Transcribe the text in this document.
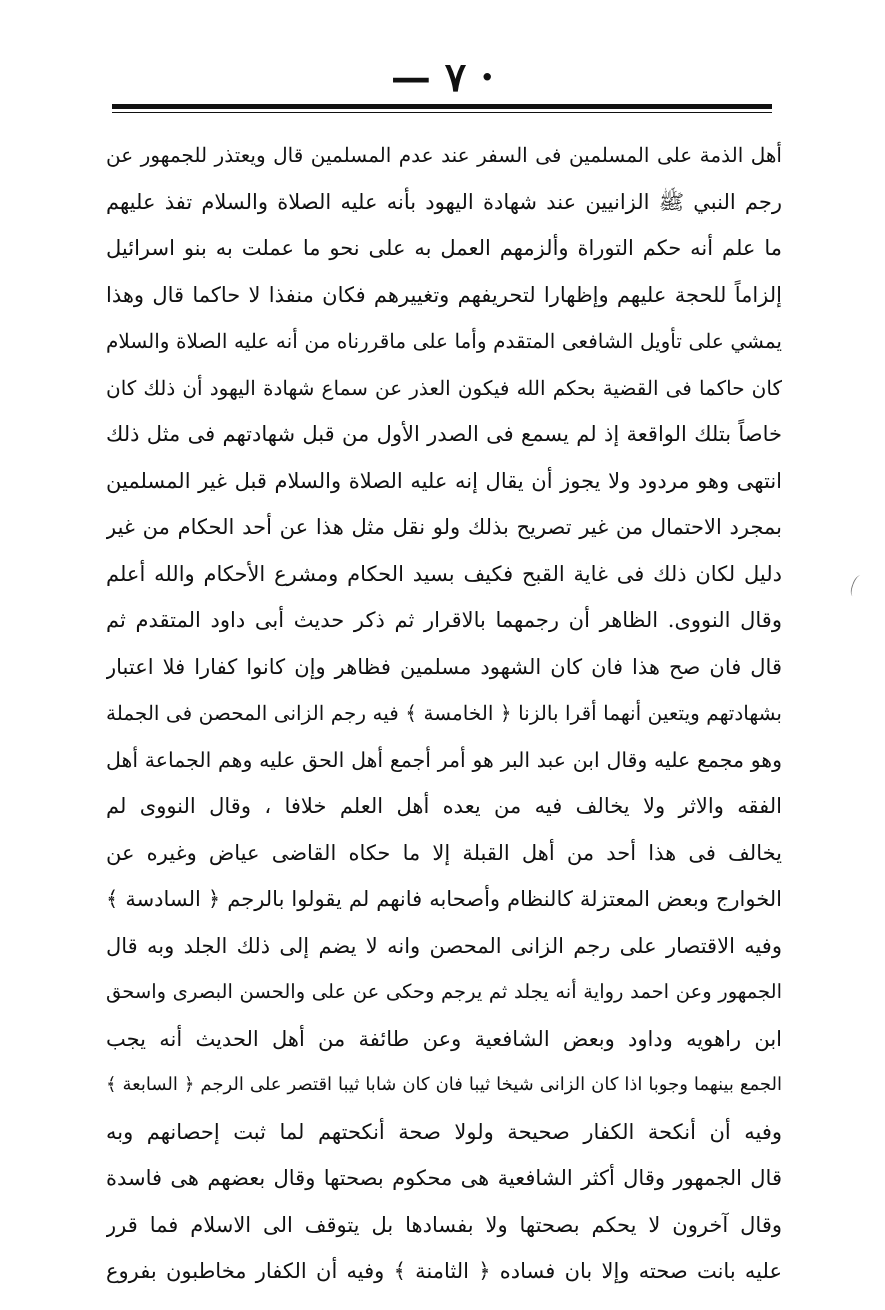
— ٧ ·
أهل الذمة على المسلمين فى السفر عند عدم المسلمين قال ويعتذر للجمهور عن
رجم النبي ﷺ الزانيين عند شهادة اليهود بأنه عليه الصلاة والسلام تفذ عليهم
ما علم أنه حكم التوراة وألزمهم العمل به على نحو ما عملت به بنو اسرائيل
إلزاماً للحجة عليهم وإظهارا لتحريفهم وتغييرهم فكان منفذا لا حاكما قال وهذا
يمشي على تأويل الشافعى المتقدم وأما على ماقررناه من أنه عليه الصلاة والسلام
كان حاكما فى القضية بحكم الله فيكون العذر عن سماع شهادة اليهود أن ذلك كان
خاصاً بتلك الواقعة إذ لم يسمع فى الصدر الأول من قبل شهادتهم فى مثل ذلك
انتهى وهو مردود ولا يجوز أن يقال إنه عليه الصلاة والسلام قبل غير المسلمين
بمجرد الاحتمال من غير تصريح بذلك ولو نقل مثل هذا عن أحد الحكام من غير
دليل لكان ذلك فى غاية القبح فكيف بسيد الحكام ومشرع الأحكام والله أعلم
وقال النووى. الظاهر أن رجمهما بالاقرار ثم ذكر حديث أبى داود المتقدم ثم
قال فان صح هذا فان كان الشهود مسلمين فظاهر وإن كانوا كفارا فلا اعتبار
بشهادتهم ويتعين أنهما أقرا بالزنا ﴿ الخامسة ﴾ فيه رجم الزانى المحصن فى الجملة
وهو مجمع عليه وقال ابن عبد البر هو أمر أجمع أهل الحق عليه وهم الجماعة أهل
الفقه والاثر ولا يخالف فيه من يعده أهل العلم خلافا ، وقال النووى لم
يخالف فى هذا أحد من أهل القبلة إلا ما حكاه القاضى عياض وغيره عن
الخوارج وبعض المعتزلة كالنظام وأصحابه فانهم لم يقولوا بالرجم ﴿ السادسة ﴾
وفيه الاقتصار على رجم الزانى المحصن وانه لا يضم إلى ذلك الجلد وبه قال
الجمهور وعن احمد رواية أنه يجلد ثم يرجم وحكى عن على والحسن البصرى واسحق
ابن راهويه وداود وبعض الشافعية وعن طائفة من أهل الحديث أنه يجب
الجمع بينهما وجوبا اذا كان الزانى شيخا ثيبا فان كان شابا ثيبا اقتصر على الرجم ﴿ السابعة ﴾
وفيه أن أنكحة الكفار صحيحة ولولا صحة أنكحتهم لما ثبت إحصانهم وبه
قال الجمهور وقال أكثر الشافعية هى محكوم بصحتها وقال بعضهم هى فاسدة
وقال آخرون لا يحكم بصحتها ولا بفسادها بل يتوقف الى الاسلام فما قرر
عليه بانت صحته وإلا بان فساده ﴿ الثامنة ﴾ وفيه أن الكفار مخاطبون بفروع
